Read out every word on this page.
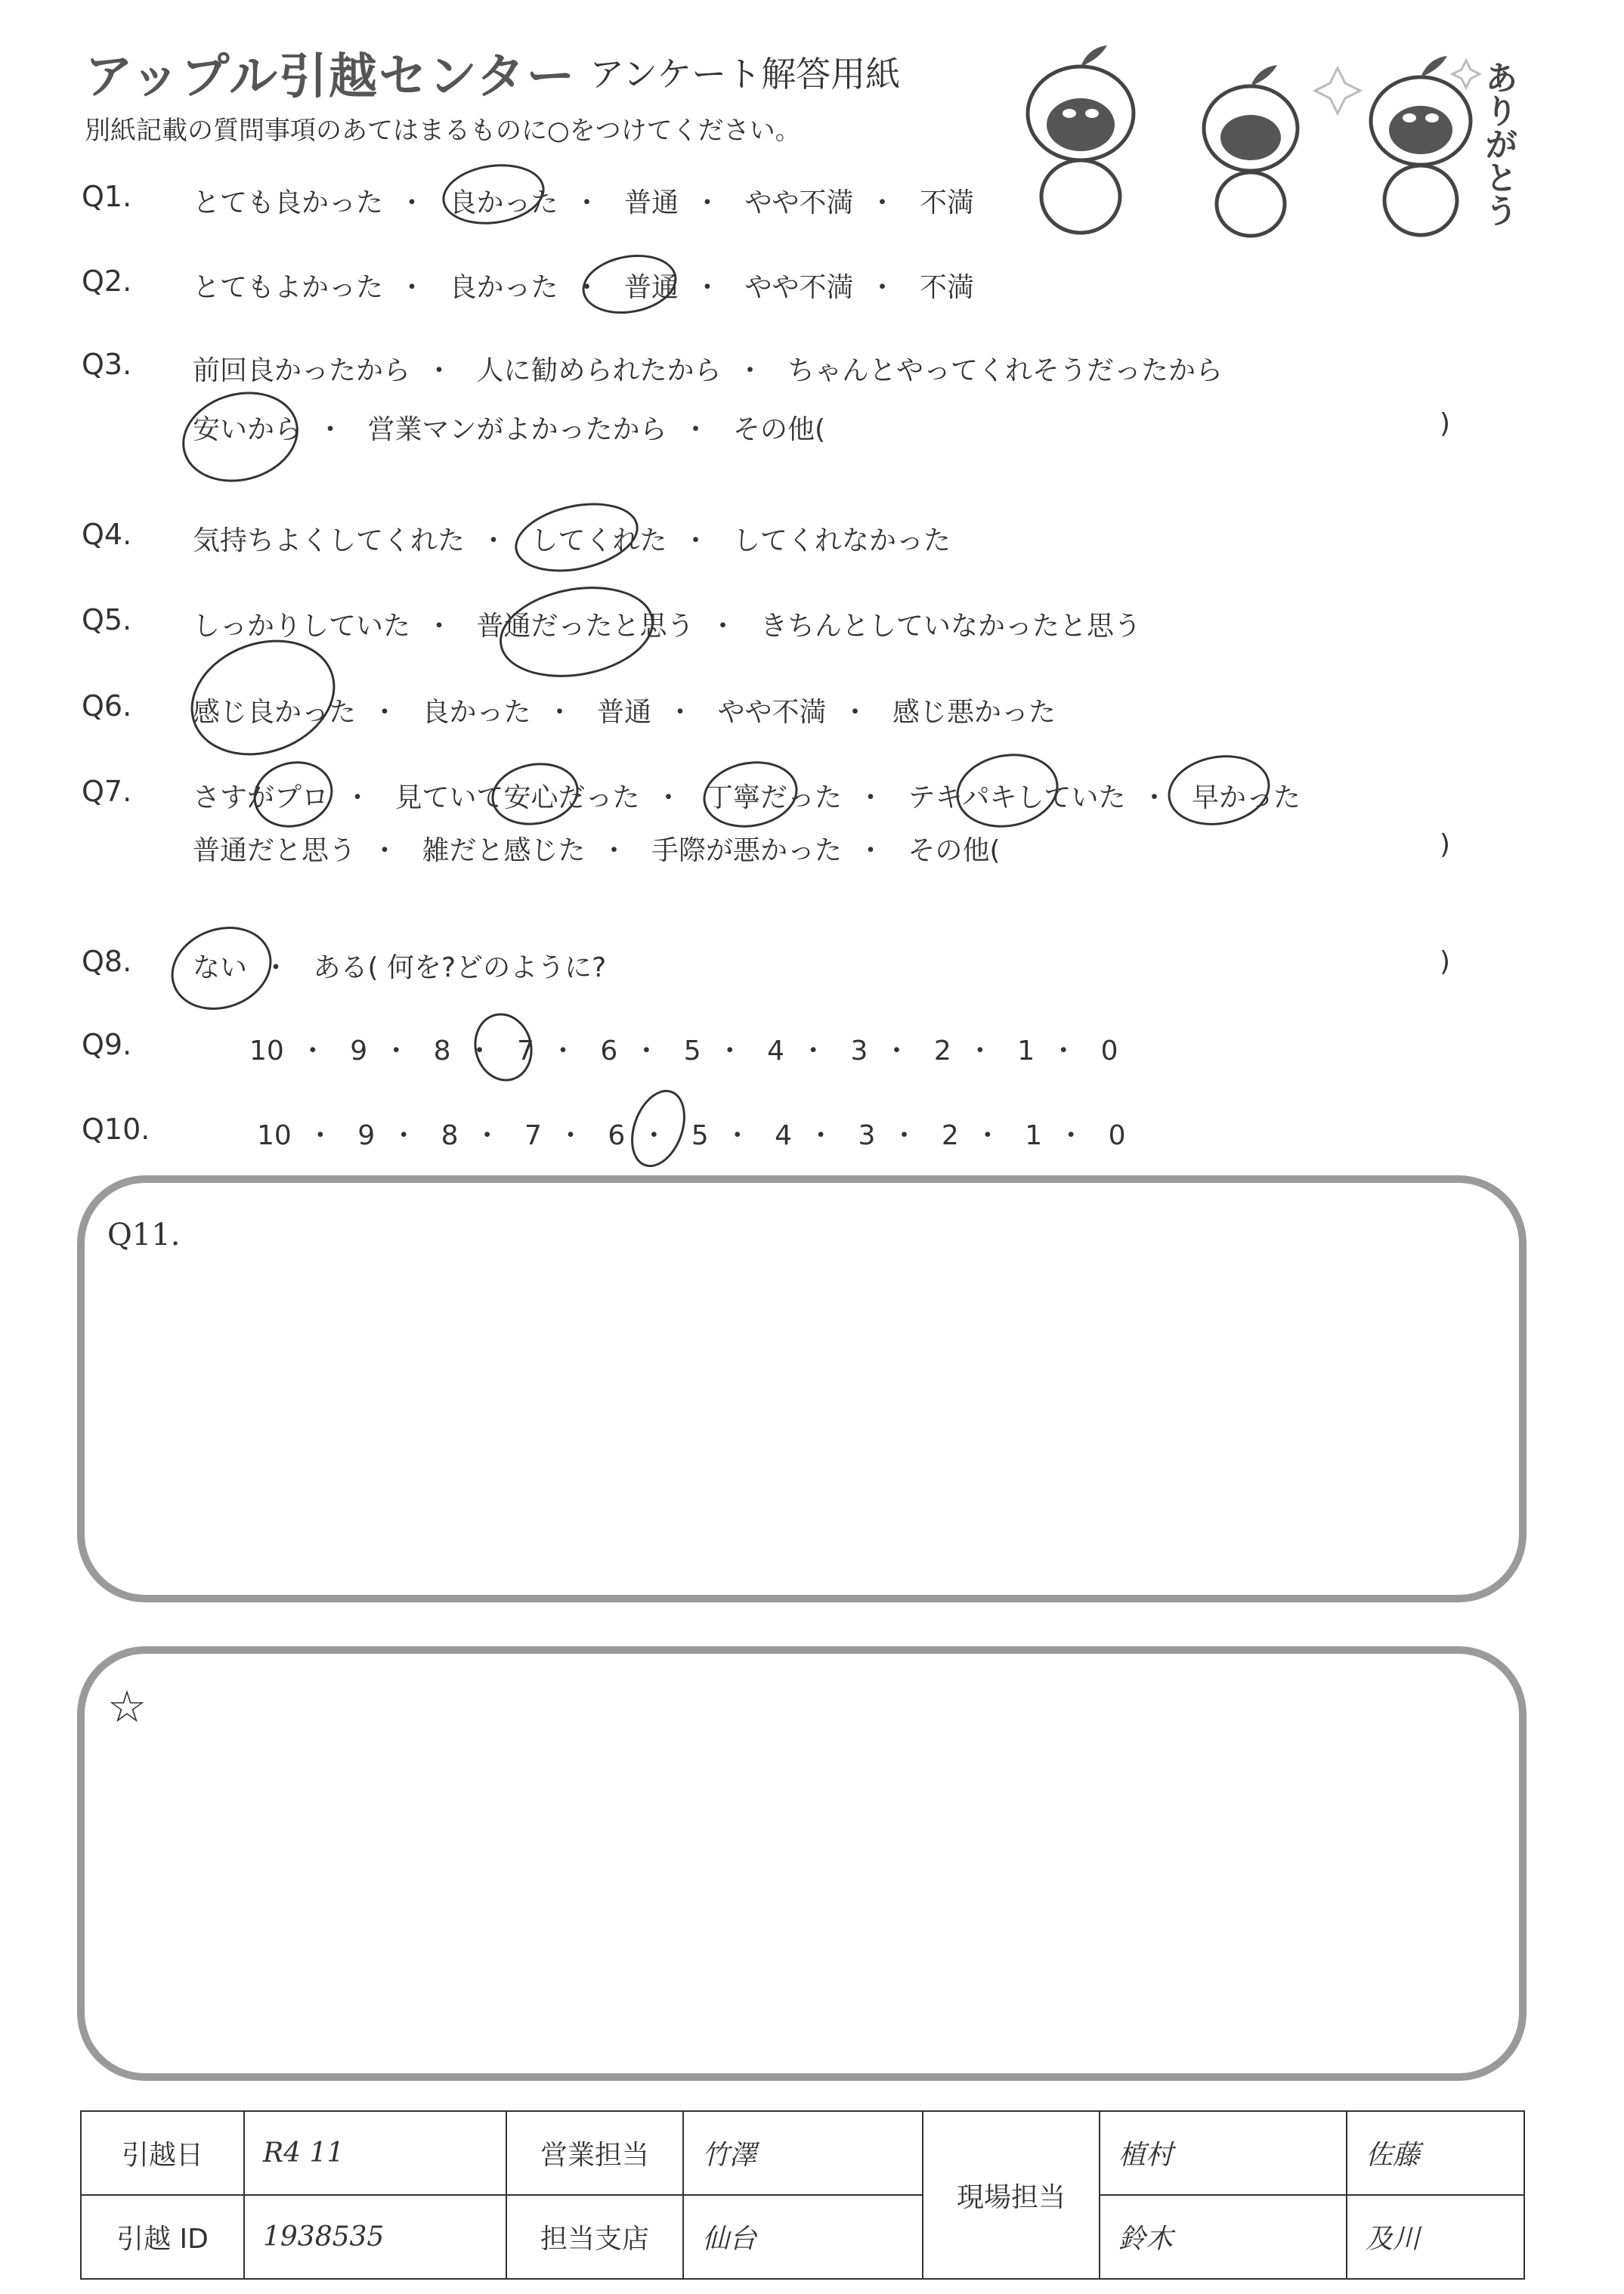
アップル引越センター アンケート解答用紙
別紙記載の質問事項のあてはまるものに○をつけてください。	ありがとう
Q1. とても良かった ・ 良かった ・ 普通 ・ やや不満 ・ 不満
Q2. とてもよかった ・ 良かった ・ 普通 ・ やや不満 ・ 不満
Q3. 前回良かったから ・ 人に勧められたから ・ ちゃんとやってくれそうだったから
安いから ・ 営業マンがよかったから ・ その他(	)
Q4. 気持ちよくしてくれた ・ してくれた ・ してくれなかった
Q5. しっかりしていた ・ 普通だったと思う ・ きちんとしていなかったと思う
Q6. 感じ良かった ・ 良かった ・ 普通 ・ やや不満 ・ 感じ悪かった
Q7. さすがプロ ・ 見ていて安心だった ・ 丁寧だった ・ テキパキしていた ・ 早かった
普通だと思う ・ 雑だと感じた ・ 手際が悪かった ・ その他(	)
Q8. ない ・ ある( 何を?どのように?	)
Q9.	10 ・ 9 ・ 8 ・ 7 ・ 6 ・ 5 ・ 4 ・ 3 ・ 2 ・ 1 ・ 0
Q10.	10 ・ 9 ・ 8 ・ 7 ・ 6 ・ 5 ・ 4 ・ 3 ・ 2 ・ 1 ・ 0
Q11.
☆
引越日	R4 11	営業担当	竹澤	現場担当	植村	佐藤
引越 ID	1938535	担当支店	仙台		鈴木	及川
